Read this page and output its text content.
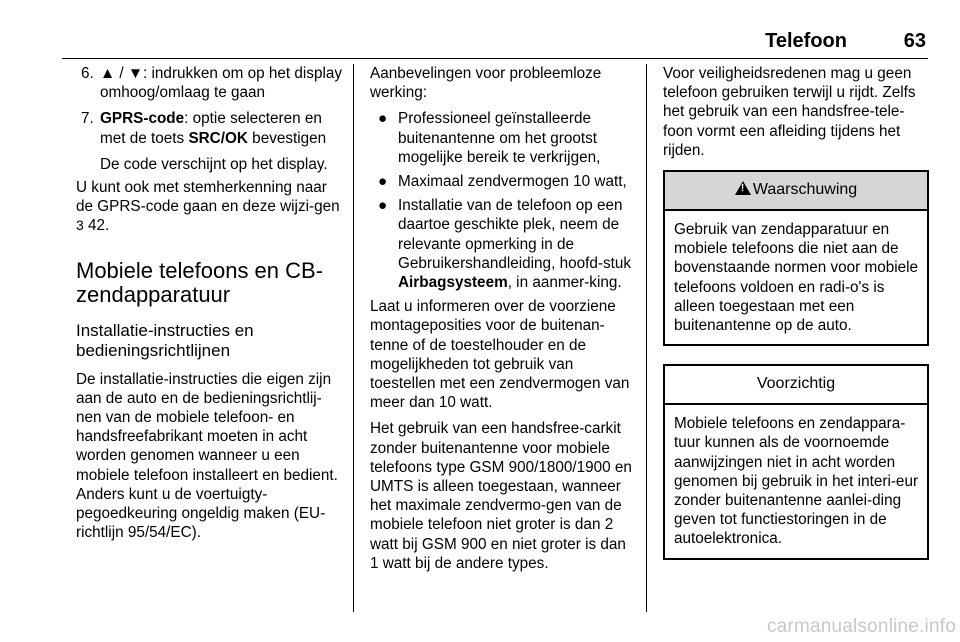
Telefoon	63
6. ▲ / ▼: indrukken om op het display omhoog/omlaag te gaan
7. GPRS-code: optie selecteren en met de toets SRC/OK bevestigen
De code verschijnt op het display.

U kunt ook met stemherkenning naar de GPRS-code gaan en deze wijzi-gen 3 42.

Mobiele telefoons en CB-zendapparatuur
Installatie-instructies en bedieningsrichtlijnen

De installatie-instructies die eigen zijn aan de auto en de bedieningsrichtlij-nen van de mobiele telefoon- en handsfreefabrikant moeten in acht worden genomen wanneer u een mobiele telefoon installeert en bedient. Anders kunt u de voertuigty-pegoedkeuring ongeldig maken (EU-richtlijn 95/54/EC).

Aanbevelingen voor probleemloze werking:

● Professioneel geïnstalleerde buitenantenne om het grootst mogelijke bereik te verkrijgen,
● Maximaal zendvermogen 10 watt,
● Installatie van de telefoon op een daartoe geschikte plek, neem de relevante opmerking in de Gebruikershandleiding, hoofd-stuk Airbagsysteem, in aanmer-king.

Laat u informeren over de voorziene montageposities voor de buitenan-tenne of de toestelhouder en de mogelijkheden tot gebruik van toestellen met een zendvermogen van meer dan 10 watt.

Het gebruik van een handsfree-carkit zonder buitenantenne voor mobiele telefoons type GSM 900/1800/1900 en UMTS is alleen toegestaan, wanneer het maximale zendvermo-gen van de mobiele telefoon niet groter is dan 2 watt bij GSM 900 en niet groter is dan 1 watt bij de andere types.

Voor veiligheidsredenen mag u geen telefoon gebruiken terwijl u rijdt. Zelfs het gebruik van een handsfree-tele-foon vormt een afleiding tijdens het rijden.

!Waarschuwing
Gebruik van zendapparatuur en mobiele telefoons die niet aan de bovenstaande normen voor mobiele telefoons voldoen en radi-o's is alleen toegestaan met een buitenantenne op de auto.
Voorzichtig
Mobiele telefoons en zendappara-tuur kunnen als de voornoemde aanwijzingen niet in acht worden genomen bij gebruik in het interi-eur zonder buitenantenne aanlei-ding geven tot functiestoringen in de autoelektronica.
carmanualsonline.info
